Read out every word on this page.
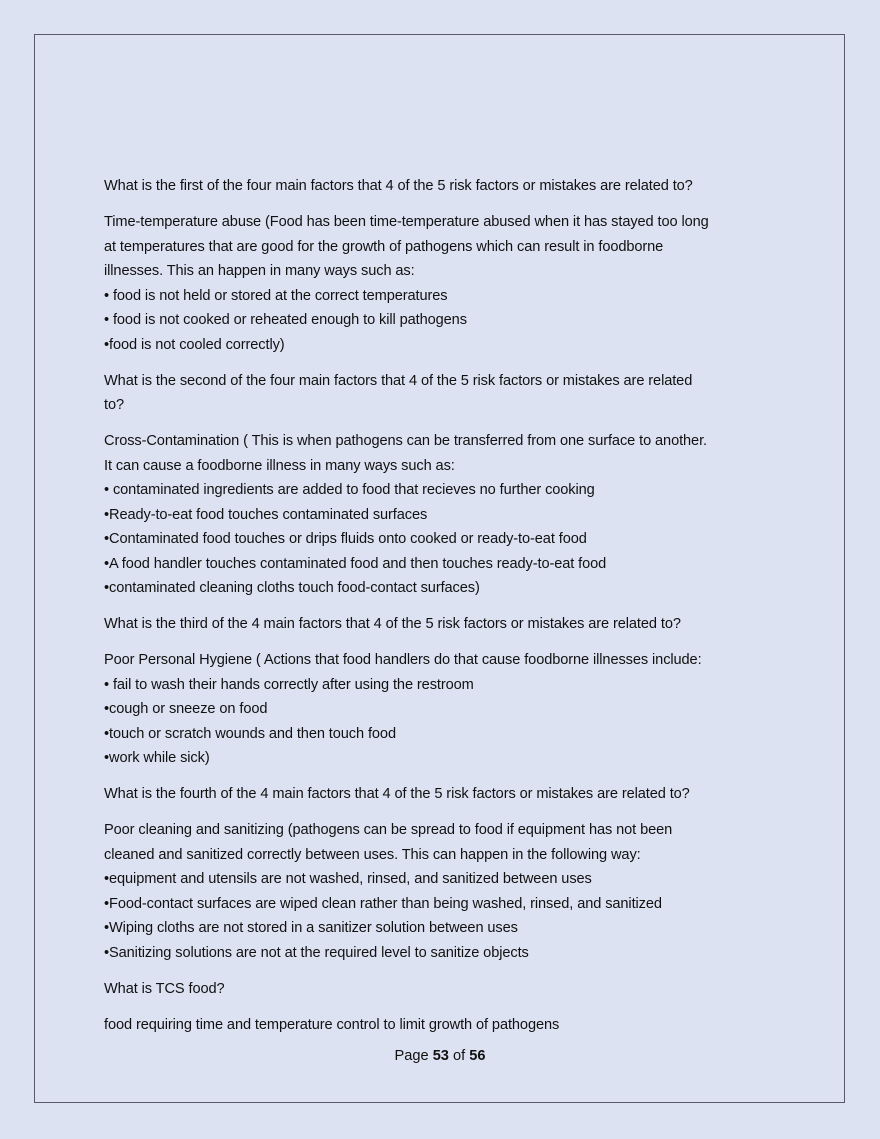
What is the first of the four main factors that 4 of the 5 risk factors or mistakes are related to?
Time-temperature abuse (Food has been time-temperature abused when it has stayed too long
at temperatures that are good for the growth of pathogens which can result in foodborne
illnesses. This an happen in many ways such as:
• food is not held or stored at the correct temperatures
• food is not cooked or reheated enough to kill pathogens
•food is not cooled correctly)
What is the second of the four main factors that 4 of the 5 risk factors or mistakes are related
to?
Cross-Contamination ( This is when pathogens can be transferred from one surface to another.
It can cause a foodborne illness in many ways such as:
• contaminated ingredients are added to food that recieves no further cooking
•Ready-to-eat food touches contaminated surfaces
•Contaminated food touches or drips fluids onto cooked or ready-to-eat food
•A food handler touches contaminated food and then touches ready-to-eat food
•contaminated cleaning cloths touch food-contact surfaces)
What is the third of the 4 main factors that 4 of the 5 risk factors or mistakes are related to?
Poor Personal Hygiene ( Actions that food handlers do that cause foodborne illnesses include:
• fail to wash their hands correctly after using the restroom
•cough or sneeze on food
•touch or scratch wounds and then touch food
•work while sick)
What is the fourth of the 4 main factors that 4 of the 5 risk factors or mistakes are related to?
Poor cleaning and sanitizing (pathogens can be spread to food if equipment has not been
cleaned and sanitized correctly between uses. This can happen in the following way:
•equipment and utensils are not washed, rinsed, and sanitized between uses
•Food-contact surfaces are wiped clean rather than being washed, rinsed, and sanitized
•Wiping cloths are not stored in a sanitizer solution between uses
•Sanitizing solutions are not at the required level to sanitize objects
What is TCS food?
food requiring time and temperature control to limit growth of pathogens
Page 53 of 56
